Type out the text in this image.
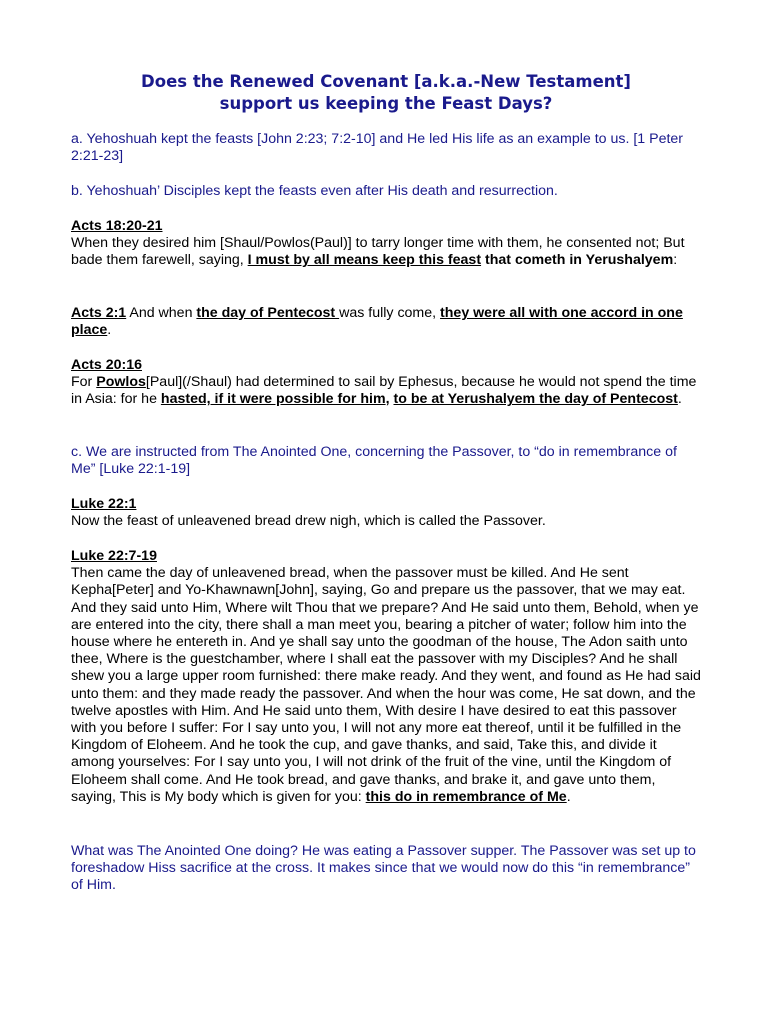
Does the Renewed Covenant [a.k.a.-New Testament]
support us keeping the Feast Days?
a. Yehoshuah kept the feasts [John 2:23; 7:2-10] and He led His life as an example to us. [1 Peter 2:21-23]
b. Yehoshuah’ Disciples kept the feasts even after His death and resurrection.
Acts 18:20-21
When they desired him [Shaul/Powlos(Paul)] to tarry longer time with them, he consented not; But bade them farewell, saying, I must by all means keep this feast that cometh in Yerushalyem:
Acts 2:1 And when the day of Pentecost was fully come, they were all with one accord in one place.
Acts 20:16
For Powlos[Paul](/Shaul) had determined to sail by Ephesus, because he would not spend the time in Asia: for he hasted, if it were possible for him, to be at Yerushalyem the day of Pentecost.
c. We are instructed from The Anointed One, concerning the Passover, to “do in remembrance of Me” [Luke 22:1-19]
Luke 22:1
Now the feast of unleavened bread drew nigh, which is called the Passover.
Luke 22:7-19
Then came the day of unleavened bread, when the passover must be killed. And He sent Kepha[Peter] and Yo-Khawnawn[John], saying, Go and prepare us the passover, that we may eat. And they said unto Him, Where wilt Thou that we prepare? And He said unto them, Behold, when ye are entered into the city, there shall a man meet you, bearing a pitcher of water; follow him into the house where he entereth in. And ye shall say unto the goodman of the house, The Adon saith unto thee, Where is the guestchamber, where I shall eat the passover with my Disciples? And he shall shew you a large upper room furnished: there make ready. And they went, and found as He had said unto them: and they made ready the passover. And when the hour was come, He sat down, and the twelve apostles with Him. And He said unto them, With desire I have desired to eat this passover with you before I suffer: For I say unto you, I will not any more eat thereof, until it be fulfilled in the Kingdom of Eloheem. And he took the cup, and gave thanks, and said, Take this, and divide it among yourselves: For I say unto you, I will not drink of the fruit of the vine, until the Kingdom of Eloheem shall come. And He took bread, and gave thanks, and brake it, and gave unto them, saying, This is My body which is given for you: this do in remembrance of Me.
What was The Anointed One doing? He was eating a Passover supper. The Passover was set up to foreshadow Hiss sacrifice at the cross. It makes since that we would now do this “in remembrance” of Him.
